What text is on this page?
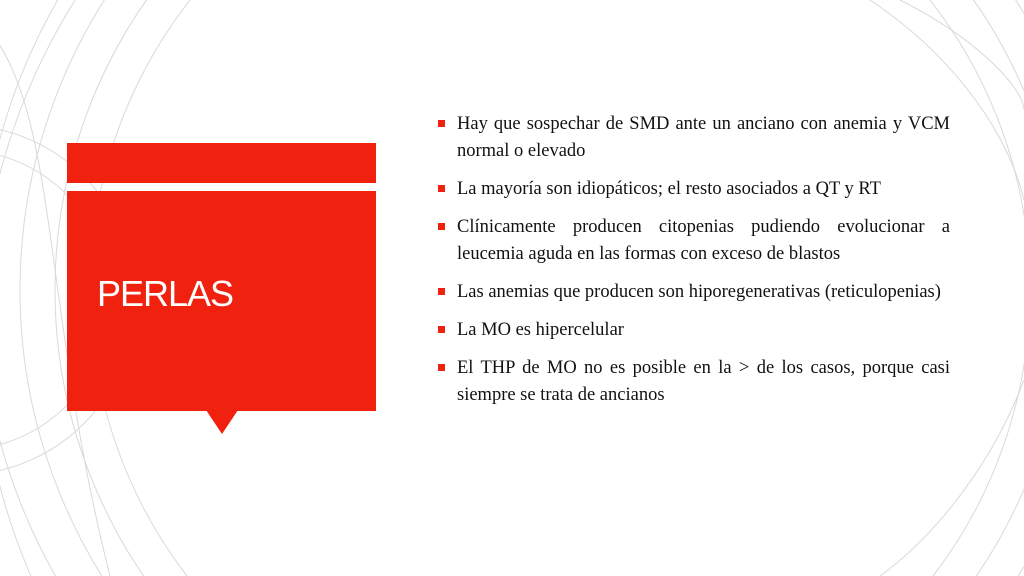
PERLAS
Hay que sospechar de SMD ante un anciano con anemia y VCM normal o elevado
La mayoría son idiopáticos; el resto asociados a QT y RT
Clínicamente producen citopenias pudiendo evolucionar a leucemia aguda en las formas con exceso de blastos
Las anemias que producen son hiporegenerativas (reticulopenias)
La MO es hipercelular
El THP de MO no es posible en la > de los casos, porque casi siempre se trata de ancianos
